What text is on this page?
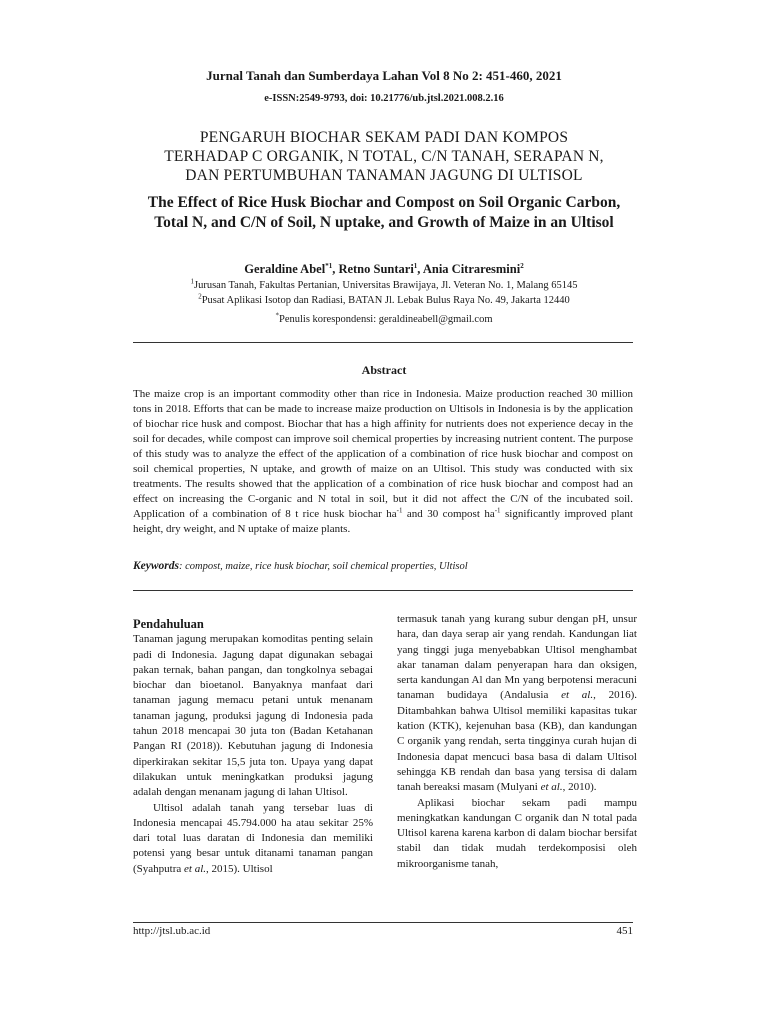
Jurnal Tanah dan Sumberdaya Lahan Vol 8 No 2: 451-460, 2021
e-ISSN:2549-9793, doi: 10.21776/ub.jtsl.2021.008.2.16
PENGARUH BIOCHAR SEKAM PADI DAN KOMPOS
TERHADAP C ORGANIK, N TOTAL, C/N TANAH, SERAPAN N,
DAN PERTUMBUHAN TANAMAN JAGUNG DI ULTISOL
The Effect of Rice Husk Biochar and Compost on Soil Organic Carbon,
Total N, and C/N of Soil, N uptake, and Growth of Maize in an Ultisol
Geraldine Abel$^{*1}$, Retno Suntari$^1$, Ania Citraresmini$^2$
$^1$Jurusan Tanah, Fakultas Pertanian, Universitas Brawijaya, Jl. Veteran No. 1, Malang 65145
$^2$Pusat Aplikasi Isotop dan Radiasi, BATAN Jl. Lebak Bulus Raya No. 49, Jakarta 12440
*Penulis korespondensi: geraldineabell@gmail.com
Abstract

The maize crop is an important commodity other than rice in Indonesia. Maize production reached 30 million tons in 2018. Efforts that can be made to increase maize production on Ultisols in Indonesia is by the application of biochar rice husk and compost. Biochar that has a high affinity for nutrients does not experience decay in the soil for decades, while compost can improve soil chemical properties by increasing nutrient content. The purpose of this study was to analyze the effect of the application of a combination of rice husk biochar and compost on soil chemical properties, N uptake, and growth of maize on an Ultisol. This study was conducted with six treatments. The results showed that the application of a combination of rice husk biochar and compost had an effect on increasing the C-organic and N total in soil, but it did not affect the C/N of the incubated soil. Application of a combination of 8 t rice husk biochar $ha^{-1}$ and 30 compost $ha^{-1}$ significantly improved plant height, dry weight, and N uptake of maize plants.

Keywords: compost, maize, rice husk biochar, soil chemical properties, Ultisol

Pendahuluan

Tanaman jagung merupakan komoditas penting selain padi di Indonesia. Jagung dapat digunakan sebagai pakan ternak, bahan pangan, dan tongkolnya sebagai biochar dan bioetanol. Banyaknya manfaat dari tanaman jagung memacu petani untuk menanam tanaman jagung, produksi jagung di Indonesia pada tahun 2018 mencapai 30 juta ton (Badan Ketahanan Pangan RI (2018)). Kebutuhan jagung di Indonesia diperkirakan sekitar 15,5 juta ton. Upaya yang dapat dilakukan untuk meningkatkan produksi jagung adalah dengan menanam jagung di lahan Ultisol.

Ultisol adalah tanah yang tersebar luas di Indonesia mencapai 45.794.000 ha atau sekitar 25% dari total luas daratan di Indonesia dan memiliki potensi yang besar untuk ditanami tanaman pangan (Syahputra et al., 2015). Ultisol

termasuk tanah yang kurang subur dengan pH, unsur hara, dan daya serap air yang rendah. Kandungan liat yang tinggi juga menyebabkan Ultisol menghambat akar tanaman dalam penyerapan hara dan oksigen, serta kandungan Al dan Mn yang berpotensi meracuni tanaman budidaya (Andalusia et al., 2016). Ditambahkan bahwa Ultisol memiliki kapasitas tukar kation (KTK), kejenuhan basa (KB), dan kandungan C organik yang rendah, serta tingginya curah hujan di Indonesia dapat mencuci basa basa di dalam Ultisol sehingga KB rendah dan basa yang tersisa di dalam tanah bereaksi masam (Mulyani et al., 2010).

Aplikasi biochar sekam padi mampu meningkatkan kandungan C organik dan N total pada Ultisol karena karena karbon di dalam biochar bersifat stabil dan tidak mudah terdekomposisi oleh mikroorganisme tanah,

http://jtsl.ub.ac.id	451
